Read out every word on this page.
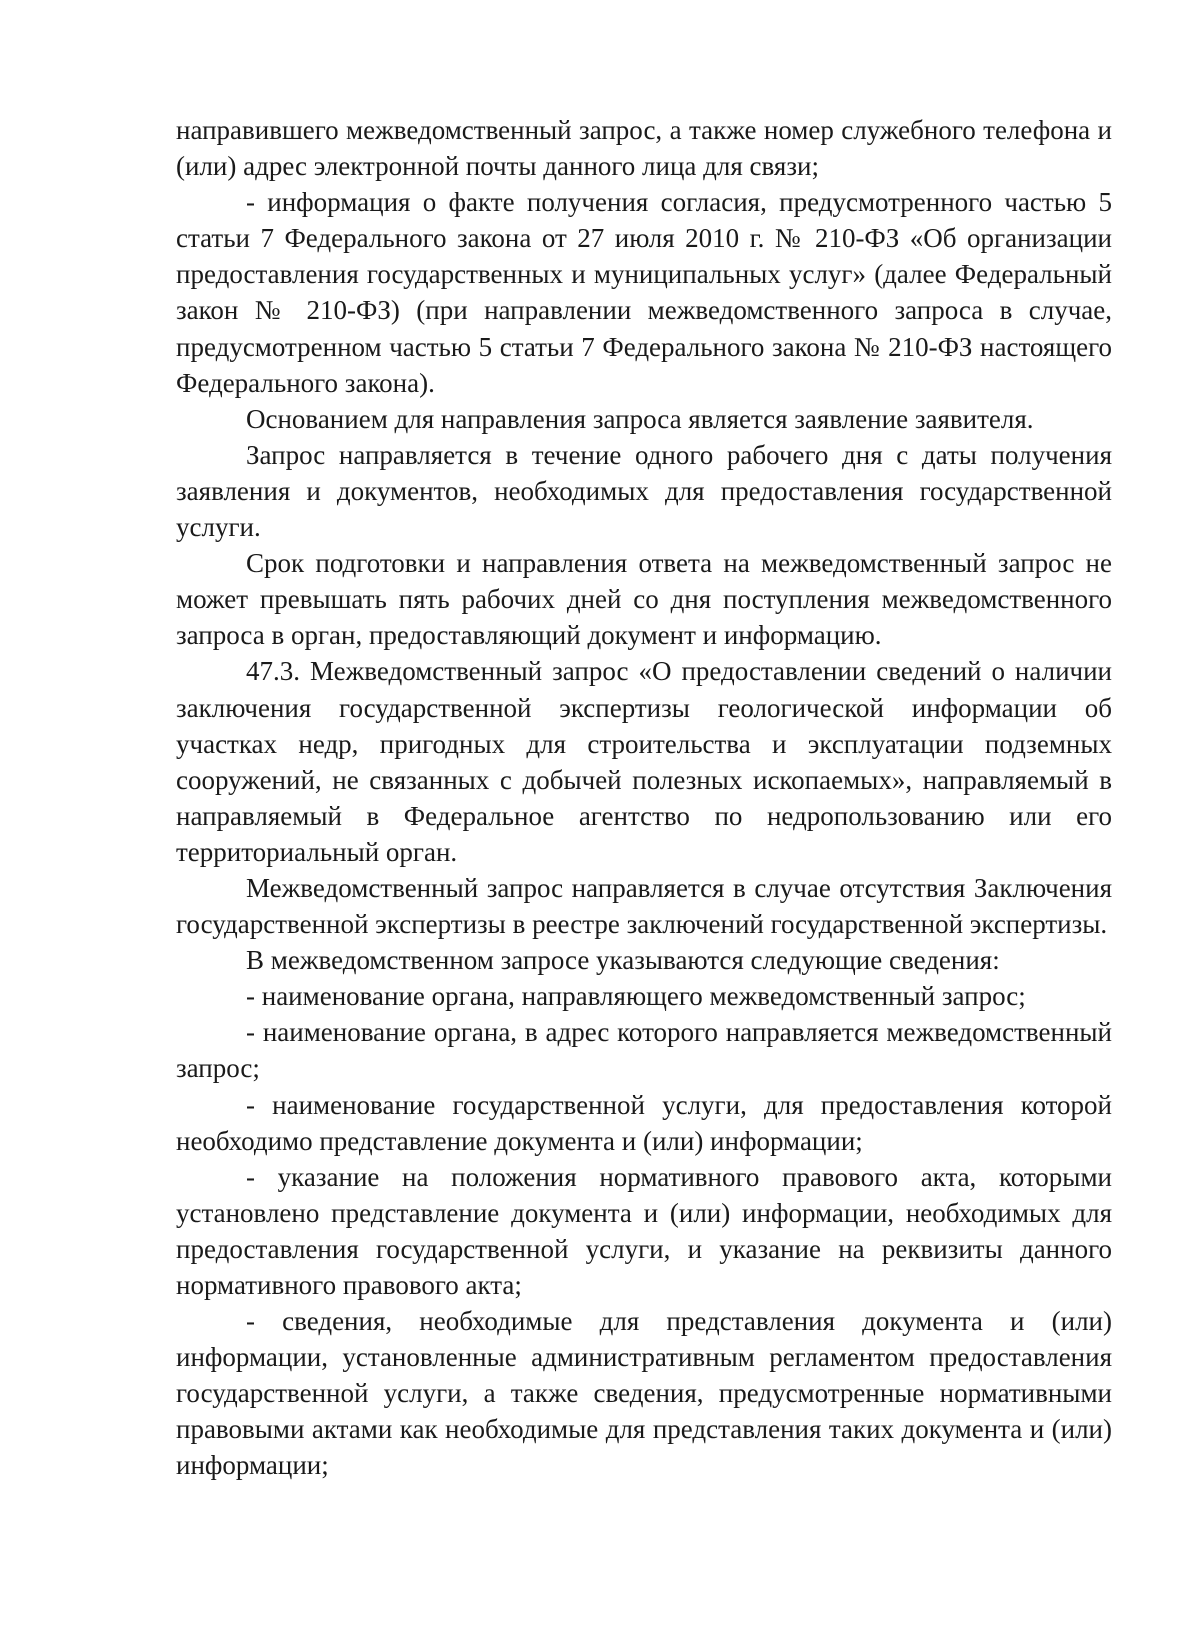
направившего межведомственный запрос, а также номер служебного телефона и (или) адрес электронной почты данного лица для связи;

- информация о факте получения согласия, предусмотренного частью 5 статьи 7 Федерального закона от 27 июля 2010 г. № 210-ФЗ «Об организации предоставления государственных и муниципальных услуг» (далее Федеральный закон № 210-ФЗ) (при направлении межведомственного запроса в случае, предусмотренном частью 5 статьи 7 Федерального закона № 210-ФЗ настоящего Федерального закона).

Основанием для направления запроса является заявление заявителя.

Запрос направляется в течение одного рабочего дня с даты получения заявления и документов, необходимых для предоставления государственной услуги.

Срок подготовки и направления ответа на межведомственный запрос не может превышать пять рабочих дней со дня поступления межведомственного запроса в орган, предоставляющий документ и информацию.

47.3. Межведомственный запрос «О предоставлении сведений о наличии заключения государственной экспертизы геологической информации об участках недр, пригодных для строительства и эксплуатации подземных сооружений, не связанных с добычей полезных ископаемых», направляемый в направляемый в Федеральное агентство по недропользованию или его территориальный орган.

Межведомственный запрос направляется в случае отсутствия Заключения государственной экспертизы в реестре заключений государственной экспертизы.

В межведомственном запросе указываются следующие сведения:

- наименование органа, направляющего межведомственный запрос;

- наименование органа, в адрес которого направляется межведомственный запрос;

- наименование государственной услуги, для предоставления которой необходимо представление документа и (или) информации;

- указание на положения нормативного правового акта, которыми установлено представление документа и (или) информации, необходимых для предоставления государственной услуги, и указание на реквизиты данного нормативного правового акта;

- сведения, необходимые для представления документа и (или) информации, установленные административным регламентом предоставления государственной услуги, а также сведения, предусмотренные нормативными правовыми актами как необходимые для представления таких документа и (или) информации;
